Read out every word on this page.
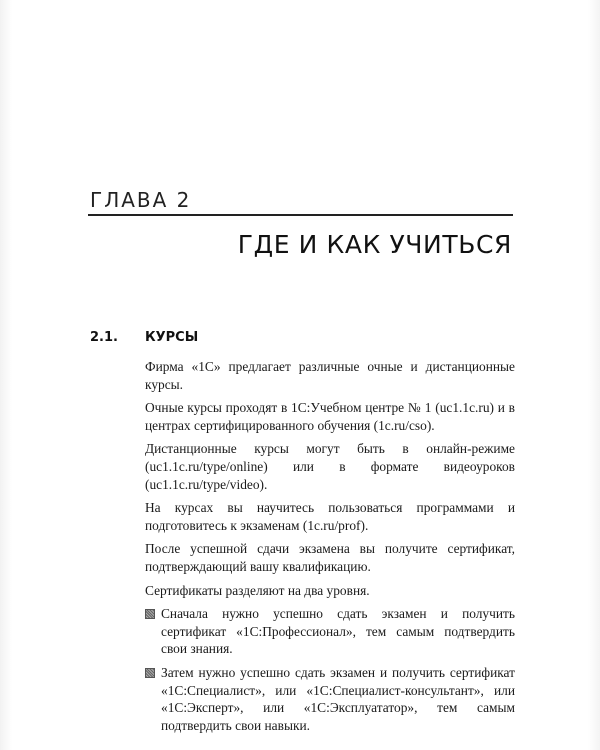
ГЛАВА 2
ГДЕ И КАК УЧИТЬСЯ
2.1. КУРСЫ

Фирма «1С» предлагает различные очные и дистанционные курсы.

Очные курсы проходят в 1С:Учебном центре № 1 (uc1.1c.ru) и в центрах сертифицированного обучения (1c.ru/cso).

Дистанционные курсы могут быть в онлайн-режиме (uc1.1c.ru/type/online) или в формате видеоуроков (uc1.1c.ru/type/video).

На курсах вы научитесь пользоваться программами и подготовитесь к экзаменам (1c.ru/prof).

После успешной сдачи экзамена вы получите сертификат, подтверждающий вашу квалификацию.

Сертификаты разделяют на два уровня.

Сначала нужно успешно сдать экзамен и получить сертификат «1С:Профессионал», тем самым подтвердить свои знания.
Затем нужно успешно сдать экзамен и получить сертификат «1С:Специалист», или «1С:Специалист-консультант», или «1С:Эксперт», или «1С:Эксплуататор», тем самым подтвердить свои навыки.
